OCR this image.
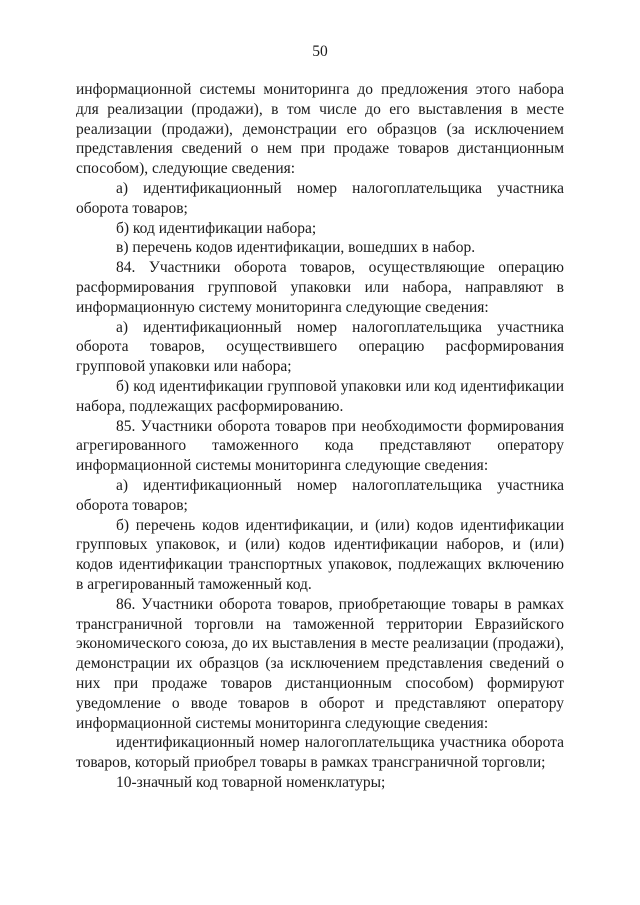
50

информационной системы мониторинга до предложения этого набора для реализации (продажи), в том числе до его выставления в месте реализации (продажи), демонстрации его образцов (за исключением представления сведений о нем при продаже товаров дистанционным способом), следующие сведения:

а) идентификационный номер налогоплательщика участника оборота товаров;

б) код идентификации набора;

в) перечень кодов идентификации, вошедших в набор.

84. Участники оборота товаров, осуществляющие операцию расформирования групповой упаковки или набора, направляют в информационную систему мониторинга следующие сведения:

а) идентификационный номер налогоплательщика участника оборота товаров, осуществившего операцию расформирования групповой упаковки или набора;

б) код идентификации групповой упаковки или код идентификации набора, подлежащих расформированию.

85. Участники оборота товаров при необходимости формирования агрегированного таможенного кода представляют оператору информационной системы мониторинга следующие сведения:

а) идентификационный номер налогоплательщика участника оборота товаров;

б) перечень кодов идентификации, и (или) кодов идентификации групповых упаковок, и (или) кодов идентификации наборов, и (или) кодов идентификации транспортных упаковок, подлежащих включению в агрегированный таможенный код.

86. Участники оборота товаров, приобретающие товары в рамках трансграничной торговли на таможенной территории Евразийского экономического союза, до их выставления в месте реализации (продажи), демонстрации их образцов (за исключением представления сведений о них при продаже товаров дистанционным способом) формируют уведомление о вводе товаров в оборот и представляют оператору информационной системы мониторинга следующие сведения:

идентификационный номер налогоплательщика участника оборота товаров, который приобрел товары в рамках трансграничной торговли;

10-значный код товарной номенклатуры;
